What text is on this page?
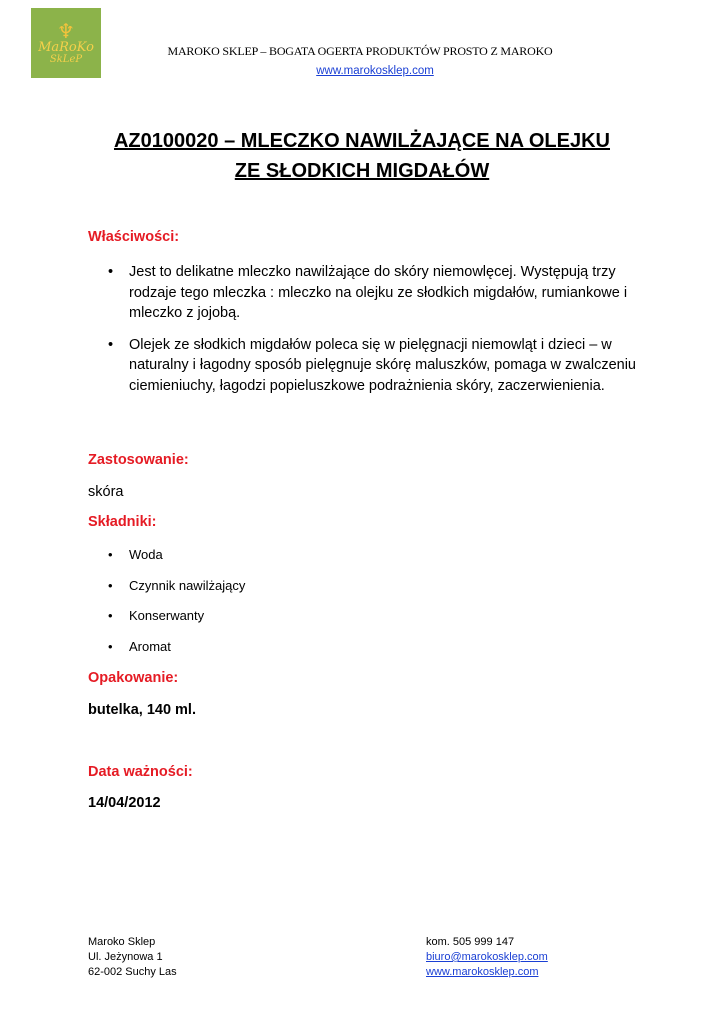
♆
MaRoKo
SkLeP
MAROKO SKLEP – BOGATA OGERTA PRODUKTÓW PROSTO Z MAROKO
www.marokosklep.com
AZ0100020 – MLECZKO NAWILŻAJĄCE NA OLEJKU
ZE SŁODKICH MIGDAŁÓW
Właściwości:
• Jest to delikatne mleczko nawilżające do skóry niemowlęcej. Występują trzy rodzaje tego mleczka : mleczko na olejku ze słodkich migdałów, rumiankowe i mleczko z jojobą.
• Olejek ze słodkich migdałów poleca się w pielęgnacji niemowląt i dzieci – w naturalny i łagodny sposób pielęgnuje skórę maluszków, pomaga w zwalczeniu ciemieniuchy, łagodzi popieluszkowe podrażnienia skóry, zaczerwienienia.
Zastosowanie:
skóra
Składniki:
• Woda
• Czynnik nawilżający
• Konserwanty
• Aromat
Opakowanie:
butelka, 140 ml.
Data ważności:
14/04/2012
Maroko Sklep
Ul. Jeżynowa 1
62-002 Suchy Las
kom. 505 999 147
biuro@marokosklep.com
www.marokosklep.com
